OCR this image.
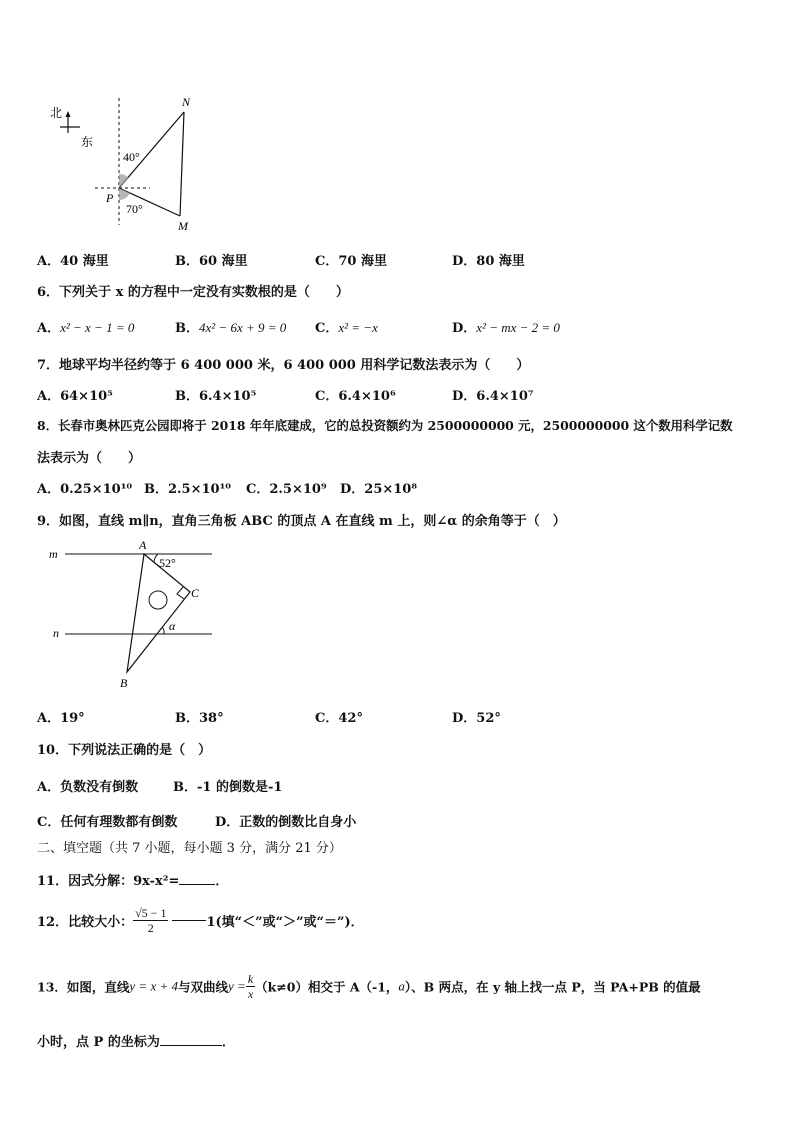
北
东
N
P
M
40°
70°
A．40 海里	B．60 海里	C．70 海里	D．80 海里
6．下列关于 x 的方程中一定没有实数根的是（　　）
A．x² − x − 1 = 0	B．4x² − 6x + 9 = 0 C．x² = −x	D．x² − mx − 2 = 0
7．地球平均半径约等于 6 400 000 米，6 400 000 用科学记数法表示为（　　）
A．64×10⁵	B．6.4×10⁵	C．6.4×10⁶	D．6.4×10⁷
8．长春市奥林匹克公园即将于 2018 年年底建成，它的总投资额约为 2500000000 元，2500000000 这个数用科学记数
法表示为（　　）
A．0.25×10¹⁰ B．2.5×10¹⁰ C．2.5×10⁹ D．25×10⁸
9．如图，直线 m∥n，直角三角板 ABC 的顶点 A 在直线 m 上，则∠α 的余角等于（　）
m
n
A
B
C
52°
α
A．19°	B．38°	C．42°	D．52°
10．下列说法正确的是（　）
A．负数没有倒数	B．-1 的倒数是-1
C．任何有理数都有倒数	D．正数的倒数比自身小
二、填空题（共 7 小题，每小题 3 分，满分 21 分）
11．因式分解：9x-x²=	．
12．比较大小： $\frac{√5 - 1}{2}$	1(填“＜”或“＞”或“＝”)．
13．如图，直线y = x + 4与双曲线$y = \frac{k}{x} (k\ne 0)$相交于 A（-1，a）、B 两点，在 y 轴上找一点 P，当 PA+PB 的值最
小时，点 P 的坐标为	．
